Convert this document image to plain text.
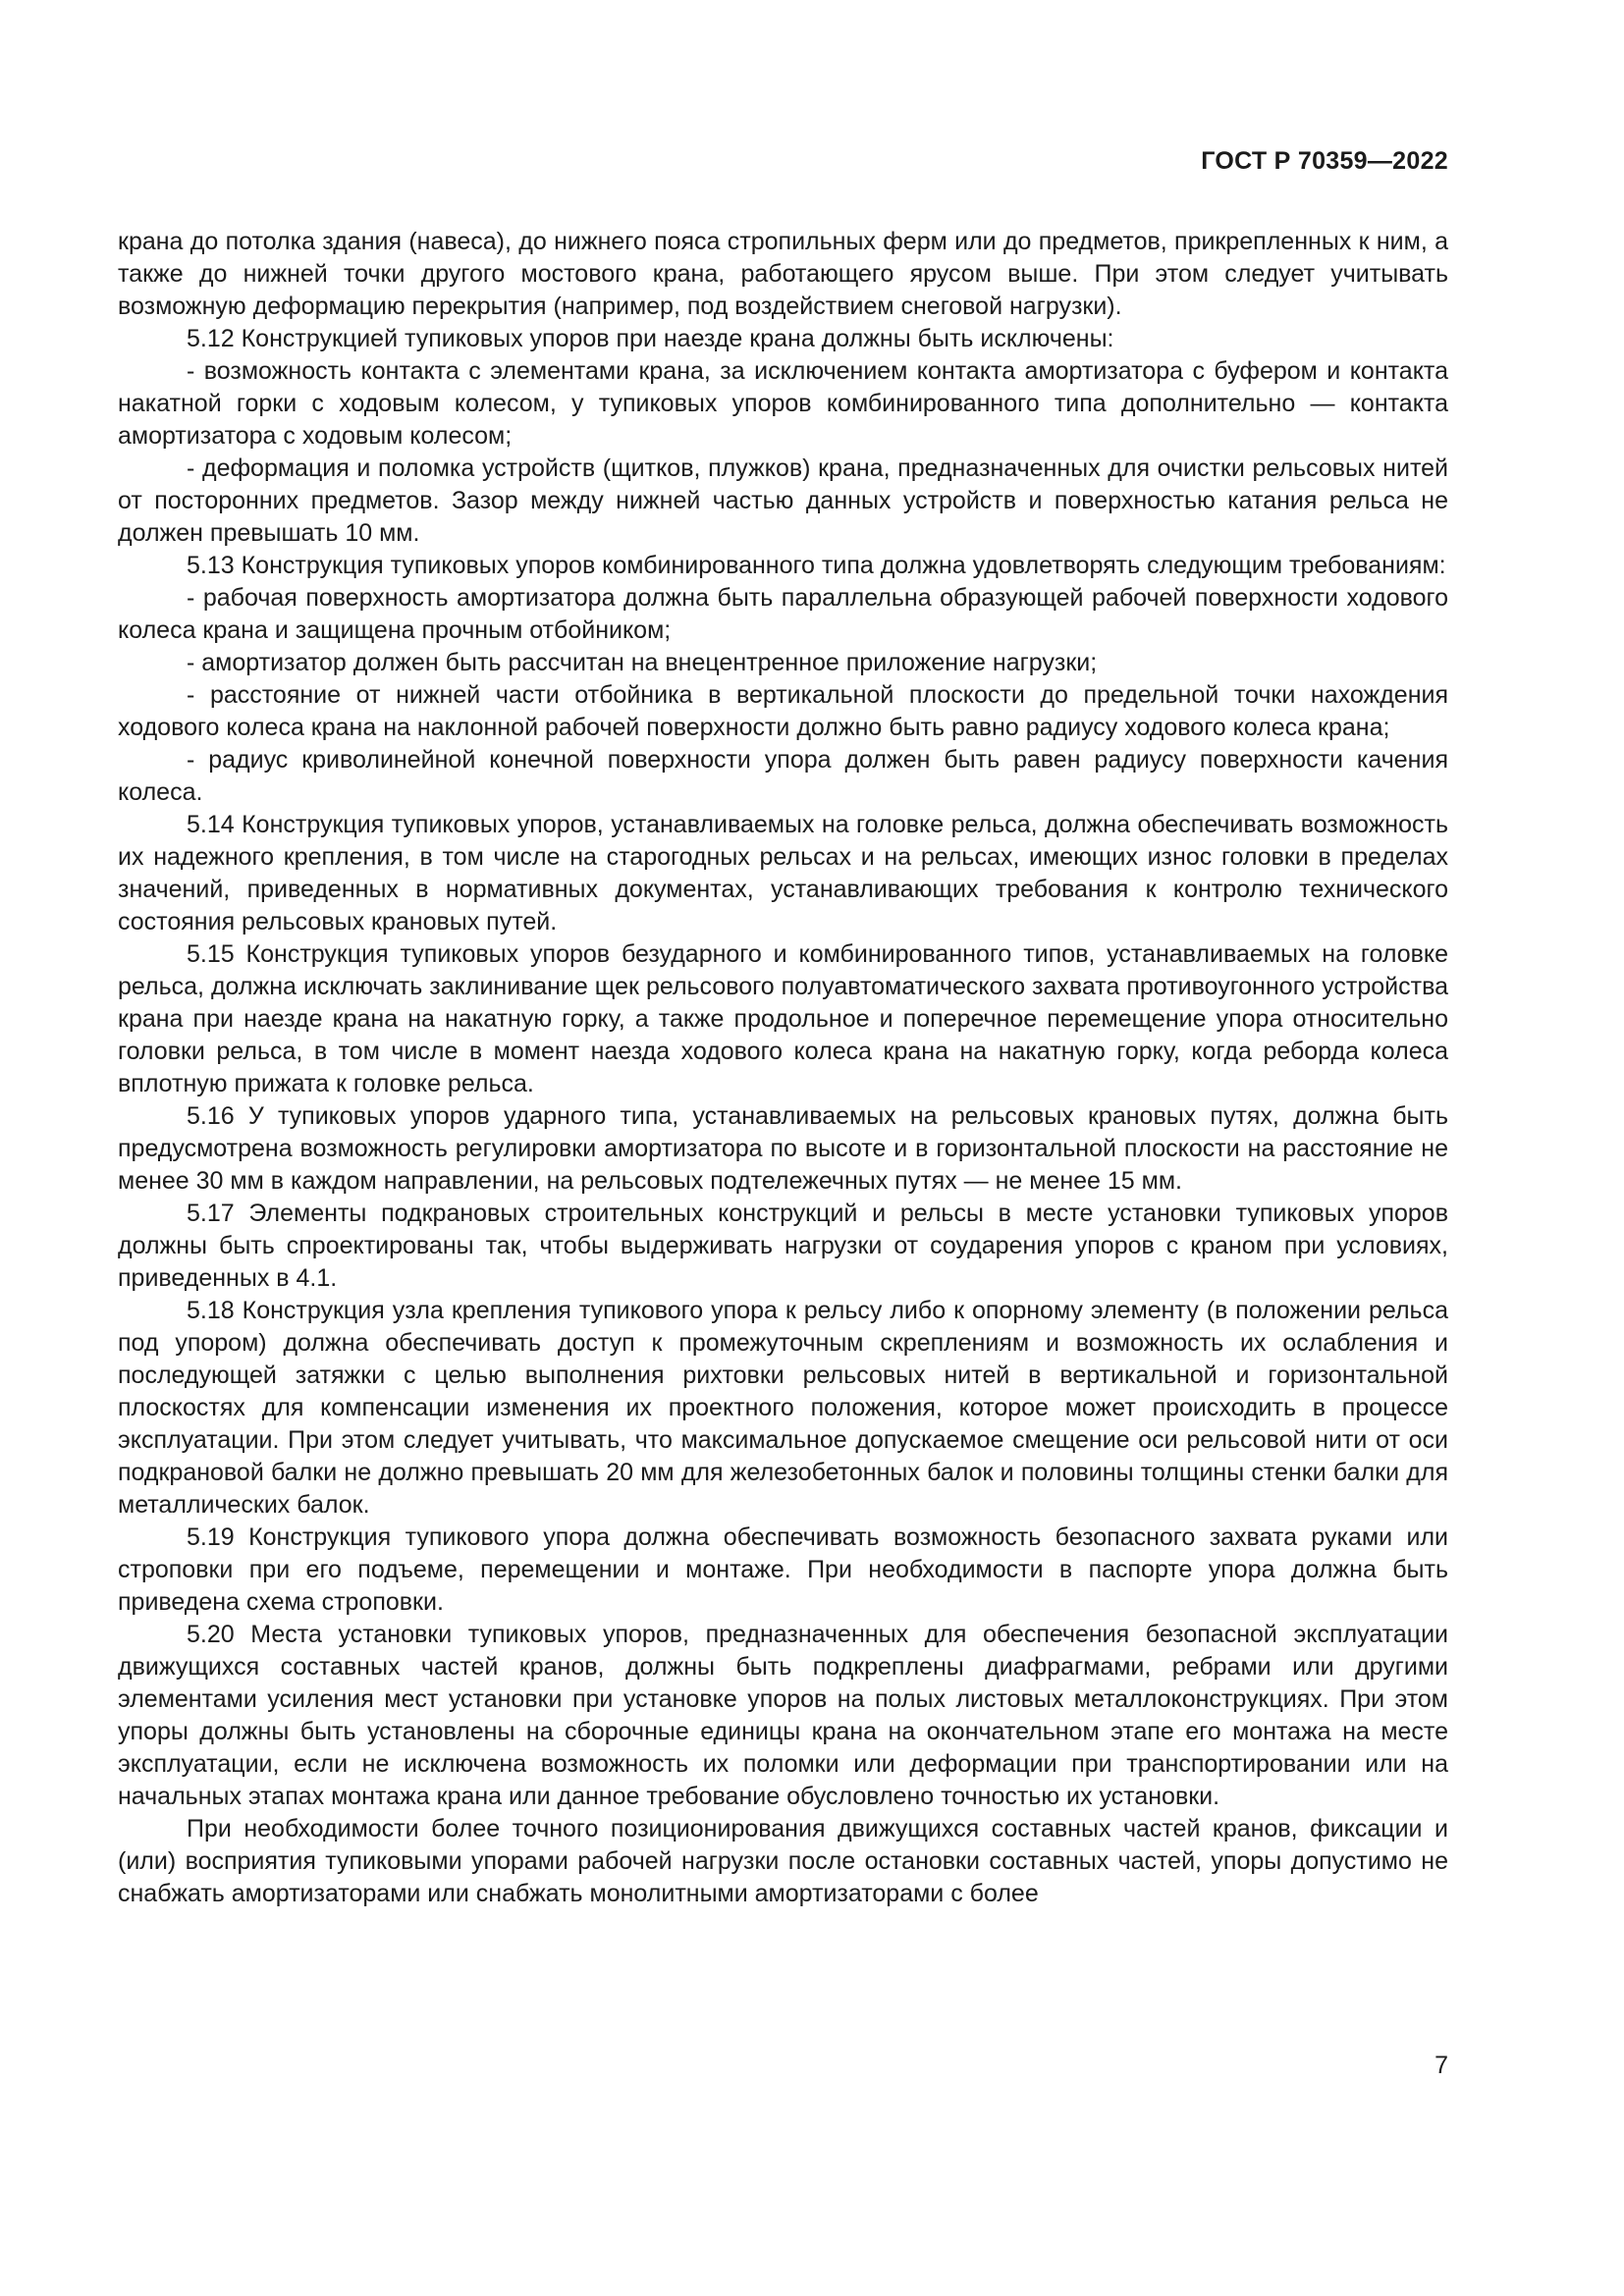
ГОСТ Р 70359—2022

крана до потолка здания (навеса), до нижнего пояса стропильных ферм или до предметов, прикрепленных к ним, а также до нижней точки другого мостового крана, работающего ярусом выше. При этом следует учитывать возможную деформацию перекрытия (например, под воздействием снеговой нагрузки).

5.12 Конструкцией тупиковых упоров при наезде крана должны быть исключены:

- возможность контакта с элементами крана, за исключением контакта амортизатора с буфером и контакта накатной горки с ходовым колесом, у тупиковых упоров комбинированного типа дополнительно — контакта амортизатора с ходовым колесом;

- деформация и поломка устройств (щитков, плужков) крана, предназначенных для очистки рельсовых нитей от посторонних предметов. Зазор между нижней частью данных устройств и поверхностью катания рельса не должен превышать 10 мм.

5.13 Конструкция тупиковых упоров комбинированного типа должна удовлетворять следующим требованиям:

- рабочая поверхность амортизатора должна быть параллельна образующей рабочей поверхности ходового колеса крана и защищена прочным отбойником;

- амортизатор должен быть рассчитан на внецентренное приложение нагрузки;

- расстояние от нижней части отбойника в вертикальной плоскости до предельной точки нахождения ходового колеса крана на наклонной рабочей поверхности должно быть равно радиусу ходового колеса крана;

- радиус криволинейной конечной поверхности упора должен быть равен радиусу поверхности качения колеса.

5.14 Конструкция тупиковых упоров, устанавливаемых на головке рельса, должна обеспечивать возможность их надежного крепления, в том числе на старогодных рельсах и на рельсах, имеющих износ головки в пределах значений, приведенных в нормативных документах, устанавливающих требования к контролю технического состояния рельсовых крановых путей.

5.15 Конструкция тупиковых упоров безударного и комбинированного типов, устанавливаемых на головке рельса, должна исключать заклинивание щек рельсового полуавтоматического захвата противоугонного устройства крана при наезде крана на накатную горку, а также продольное и поперечное перемещение упора относительно головки рельса, в том числе в момент наезда ходового колеса крана на накатную горку, когда реборда колеса вплотную прижата к головке рельса.

5.16 У тупиковых упоров ударного типа, устанавливаемых на рельсовых крановых путях, должна быть предусмотрена возможность регулировки амортизатора по высоте и в горизонтальной плоскости на расстояние не менее 30 мм в каждом направлении, на рельсовых подтележечных путях — не менее 15 мм.

5.17 Элементы подкрановых строительных конструкций и рельсы в месте установки тупиковых упоров должны быть спроектированы так, чтобы выдерживать нагрузки от соударения упоров с краном при условиях, приведенных в 4.1.

5.18 Конструкция узла крепления тупикового упора к рельсу либо к опорному элементу (в положении рельса под упором) должна обеспечивать доступ к промежуточным скреплениям и возможность их ослабления и последующей затяжки с целью выполнения рихтовки рельсовых нитей в вертикальной и горизонтальной плоскостях для компенсации изменения их проектного положения, которое может происходить в процессе эксплуатации. При этом следует учитывать, что максимальное допускаемое смещение оси рельсовой нити от оси подкрановой балки не должно превышать 20 мм для железобетонных балок и половины толщины стенки балки для металлических балок.

5.19 Конструкция тупикового упора должна обеспечивать возможность безопасного захвата руками или строповки при его подъеме, перемещении и монтаже. При необходимости в паспорте упора должна быть приведена схема строповки.

5.20 Места установки тупиковых упоров, предназначенных для обеспечения безопасной эксплуатации движущихся составных частей кранов, должны быть подкреплены диафрагмами, ребрами или другими элементами усиления мест установки при установке упоров на полых листовых металлоконструкциях. При этом упоры должны быть установлены на сборочные единицы крана на окончательном этапе его монтажа на месте эксплуатации, если не исключена возможность их поломки или деформации при транспортировании или на начальных этапах монтажа крана или данное требование обусловлено точностью их установки.

При необходимости более точного позиционирования движущихся составных частей кранов, фиксации и (или) восприятия тупиковыми упорами рабочей нагрузки после остановки составных частей, упоры допустимо не снабжать амортизаторами или снабжать монолитными амортизаторами с более

7
